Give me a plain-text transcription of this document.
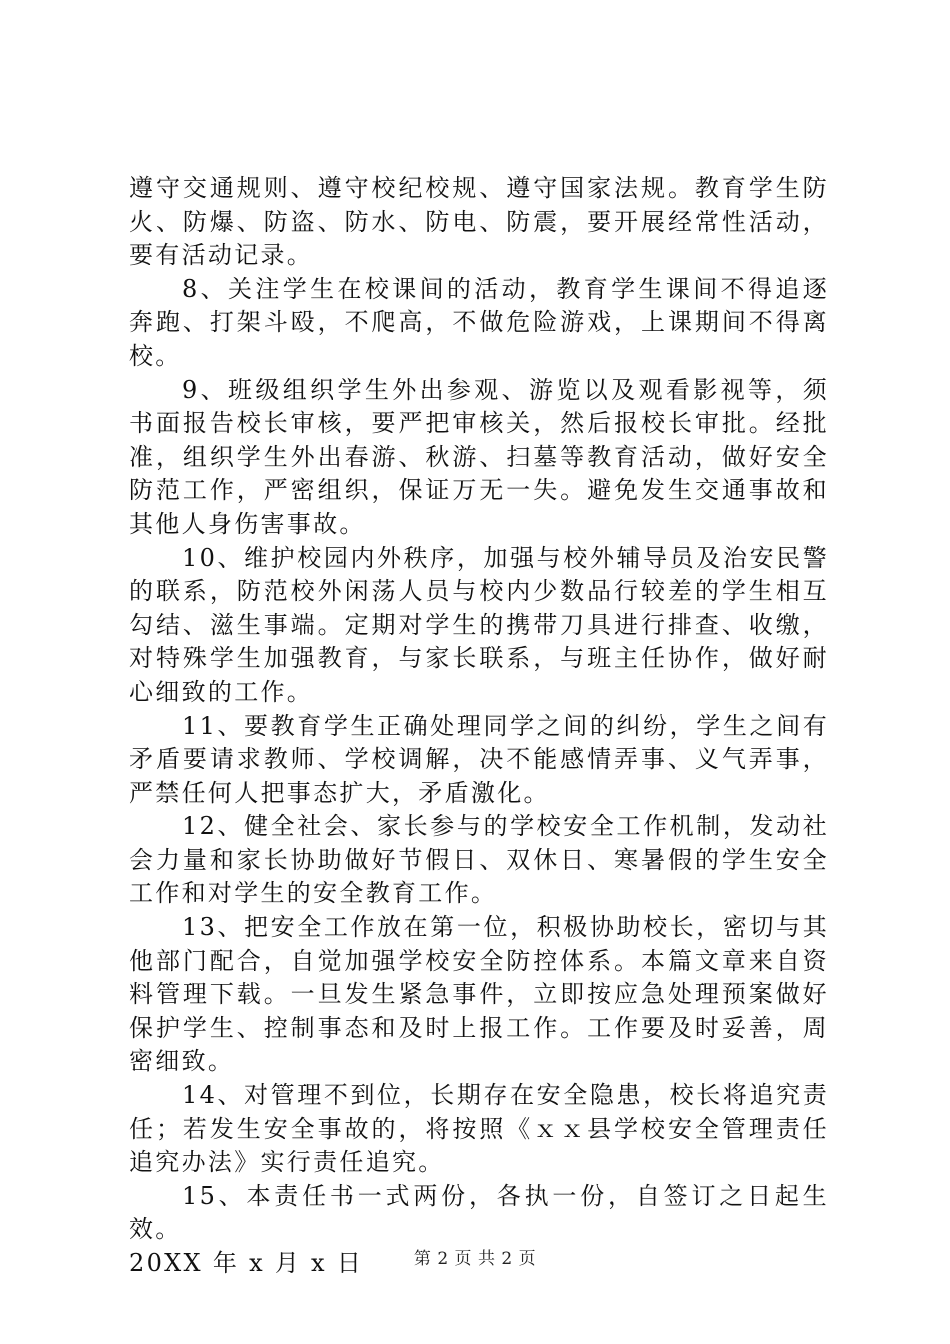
遵守交通规则、遵守校纪校规、遵守国家法规。教育学生防火、防爆、防盗、防水、防电、防震，要开展经常性活动，要有活动记录。

8、关注学生在校课间的活动，教育学生课间不得追逐奔跑、打架斗殴，不爬高，不做危险游戏，上课期间不得离校。

9、班级组织学生外出参观、游览以及观看影视等，须书面报告校长审核，要严把审核关，然后报校长审批。经批准，组织学生外出春游、秋游、扫墓等教育活动，做好安全防范工作，严密组织，保证万无一失。避免发生交通事故和其他人身伤害事故。

10、维护校园内外秩序，加强与校外辅导员及治安民警的联系，防范校外闲荡人员与校内少数品行较差的学生相互勾结、滋生事端。定期对学生的携带刀具进行排查、收缴，对特殊学生加强教育，与家长联系，与班主任协作，做好耐心细致的工作。

11、要教育学生正确处理同学之间的纠纷，学生之间有矛盾要请求教师、学校调解，决不能感情弄事、义气弄事，严禁任何人把事态扩大，矛盾激化。

12、健全社会、家长参与的学校安全工作机制，发动社会力量和家长协助做好节假日、双休日、寒暑假的学生安全工作和对学生的安全教育工作。

13、把安全工作放在第一位，积极协助校长，密切与其他部门配合，自觉加强学校安全防控体系。本篇文章来自资料管理下载。一旦发生紧急事件，立即按应急处理预案做好保护学生、控制事态和及时上报工作。工作要及时妥善，周密细致。

14、对管理不到位，长期存在安全隐患，校长将追究责任；若发生安全事故的，将按照《ｘｘ县学校安全管理责任追究办法》实行责任追究。

15、本责任书一式两份，各执一份，自签订之日起生效。

20XX 年 x 月 x 日	第 2 页 共 2 页
